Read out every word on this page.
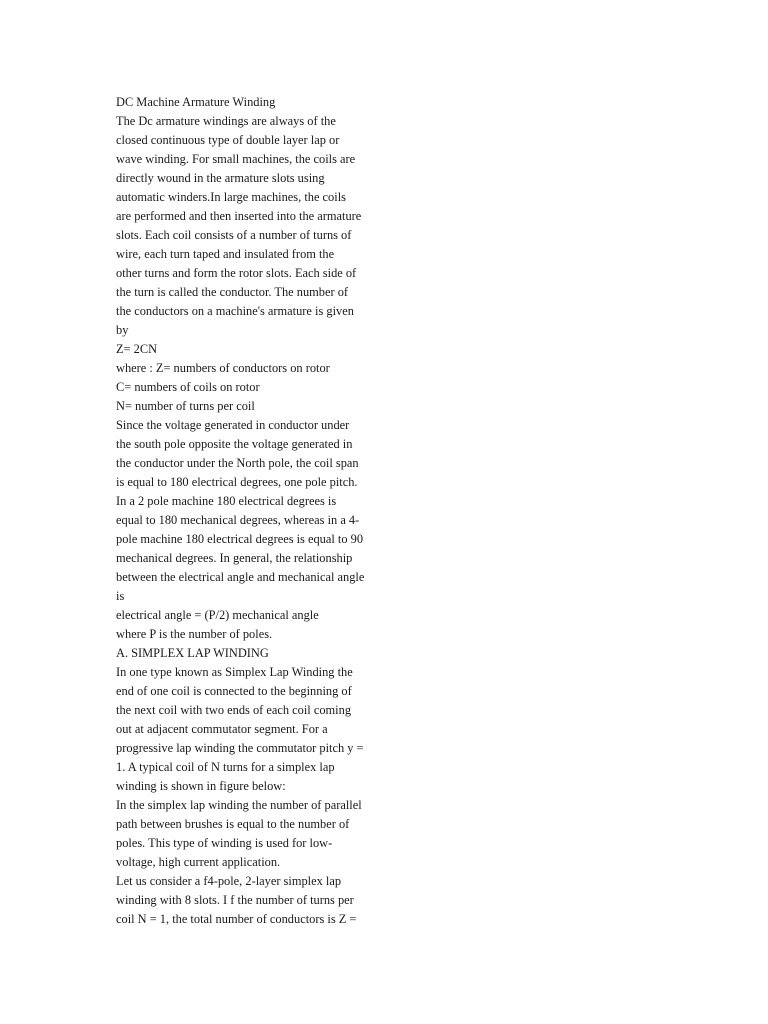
DC Machine Armature Winding
The Dc armature windings are always of the
closed continuous type of double layer lap or
wave winding. For small machines, the coils are
directly wound in the armature slots using
automatic winders.In large machines, the coils
are performed and then inserted into the armature
slots. Each coil consists of a number of turns of
wire, each turn taped and insulated from the
other turns and form the rotor slots. Each side of
the turn is called the conductor. The number of
the conductors on a machine's armature is given
by
Z= 2CN
where : Z= numbers of conductors on rotor
C= numbers of coils on rotor
N= number of turns per coil
Since the voltage generated in conductor under
the south pole opposite the voltage generated in
the conductor under the North pole, the coil span
is equal to 180 electrical degrees, one pole pitch.
In a 2 pole machine 180 electrical degrees is
equal to 180 mechanical degrees, whereas in a 4-
pole machine 180 electrical degrees is equal to 90
mechanical degrees. In general, the relationship
between the electrical angle and mechanical angle
is
electrical angle = (P/2) mechanical angle
where P is the number of poles.
A. SIMPLEX LAP WINDING
In one type known as Simplex Lap Winding the
end of one coil is connected to the beginning of
the next coil with two ends of each coil coming
out at adjacent commutator segment. For a
progressive lap winding the commutator pitch y =
1. A typical coil of N turns for a simplex lap
winding is shown in figure below:
In the simplex lap winding the number of parallel
path between brushes is equal to the number of
poles. This type of winding is used for low-
voltage, high current application.
Let us consider a f4-pole, 2-layer simplex lap
winding with 8 slots. I f the number of turns per
coil N = 1, the total number of conductors is Z =
